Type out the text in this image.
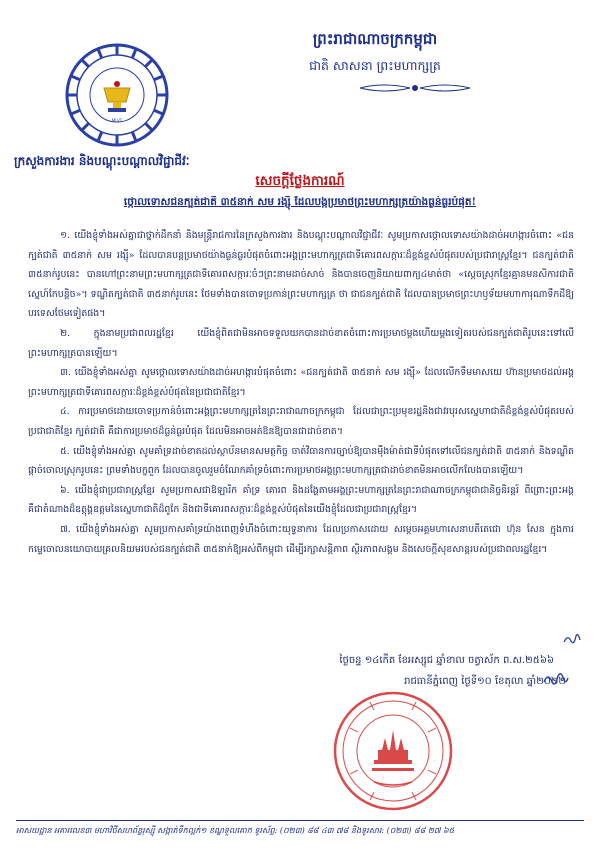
MLVT
ព្រះរាជាណាចក្រកម្ពុជា
ជាតិ សាសនា ព្រះមហាក្សត្រ
ក្រសួងការងារ និងបណ្តុះបណ្តាលវិជ្ជាជីវៈ
សេចក្តីថ្លែងការណ៍
ថ្កោលទោសជនក្បត់ជាតិ ៣៥នាក់ សម រង្ស៊ី ដែលបង្កប្រមាថព្រះមហាក្សត្រយ៉ាងធ្ងន់ធ្ងរបំផុត!

១. យើងខ្ញុំទាំងអស់គ្នាជាថ្នាក់ដឹកនាំ និងមន្ត្រីរាជការនៃក្រសួងការងារ និងបណ្តុះបណ្តាលវិជ្ជាជីវៈ សូមប្រកាសថ្កោលទោសយ៉ាងដាច់អហង្ការចំពោះ «ជនក្បត់ជាតិ ៣៥នាក់ សម រង្ស៊ី» ដែលបានបន្តប្រមាថយ៉ាងធ្ងន់ធ្ងរបំផុតចំពោះអង្គព្រះមហាក្សត្រជាទីគោរពសក្ការៈដ៏ខ្ពង់ខ្ពស់បំផុតរបស់ប្រជារាស្ត្រខ្មែរ។ ជនក្បត់ជាតិ ៣៥នាក់រូបនេះ បានហៅព្រះនាមព្រះមហាក្សត្រជាទីគោរពសក្ការៈចំៗព្រះនាមដាច់សាច់ និងបានចេញនិយាយពាក្យ៤មាត់ថា «ស្ដេចស្រុកខ្មែរគ្មានមនសិការជាតិស្នេហ៍កែបន្តិច»។ ទណ្ឌិតក្បត់ជាតិ ៣៥នាក់រូបនេះ ថែមទាំងបានចោទប្រកាន់ព្រះមហាក្សត្រ ថា ជាជនក្បត់ជាតិ ដែលបានប្រមាថព្រះហឫទ័យមហាការុណាទឹកដីឱ្យបរទេសថែមទៀតផង។

២. ក្នុងនាមប្រជាពលរដ្ឋខ្មែរ យើងខ្ញុំពិតជាមិនអាចទទួលយកបានដាច់ខាតចំពោះការប្រមាថម្ដងហើយម្ដងទៀតរបស់ជនក្បត់ជាតិរូបនេះទៅលើព្រះមហាក្សត្របានឡើយ។

៣. យើងខ្ញុំទាំងអស់គ្នា សូមថ្កោលទោសយ៉ាងដាច់អហង្ការបំផុតចំពោះ «ជនក្បត់ជាតិ ៣៥នាក់ សម រង្ស៊ី» ដែលលើកទឹមមាសយេ ហ៊ានប្រមាថដល់អង្គព្រះមហាក្សត្រជាទីគោរពសក្ការៈដ៏ខ្ពង់ខ្ពស់បំផុតនៃប្រជាជាតិខ្មែរ។

៤. ការប្រមាថដោយចោទប្រកាន់ចំពោះអង្គព្រះមហាក្សត្រនៃព្រះរាជាណាចក្រកម្ពុជា ដែលជាព្រះប្រមុខរដ្ឋនិងជាវរបុរសស្នេហាជាតិដ៏ខ្ពង់ខ្ពស់បំផុតរបស់ប្រជាជាតិខ្មែរ ក្បត់ជាតិ គឺជាការប្រមាថដ៏ធ្ងន់ធ្ងរបំផុត ដែលមិនអាចអត់ឱនឱ្យបានជាដាច់ខាត។

៥. យើងខ្ញុំទាំងអស់គ្នា សូមគាំទ្រដាច់ខាតដល់ស្ថាប័នមានសមត្ថកិច្ច ចាត់វិធានការច្បាប់ឱ្យបានម៉ឺងម៉ាត់ជាទីបំផុតទៅលើជនក្បត់ជាតិ ៣៥នាក់ និងទណ្ឌិតផ្ដាច់ចោលស្រុករូបនេះ ព្រមទាំងបក្ខពួក ដែលបានចូលរួមចំណែកគាំទ្រចំពោះការប្រមាថអង្គព្រះមហាក្សត្រជាដាច់ខាតមិនអាចលើកលែងបានឡើយ។

៦. យើងខ្ញុំជាប្រជារាស្ត្រខ្មែរ សូមប្រកាសជាឱឡារិក គាំទ្រ គោរព និងដង្ហែតាមអង្គព្រះមហាក្សត្រនៃព្រះរាជាណាចក្រកម្ពុជាជានិច្ចនិរន្តរ៍ ពីព្រោះព្រះអង្គគឺជាតំណាងដ៏ឧត្តុង្គឧត្ដមនៃស្នេហាជាតិដ៏ពូកែ និងជាទីគោរពសក្ការៈដ៏ខ្ពង់ខ្ពស់បំផុតនៃយើងខ្ញុំដែលជាប្រជារាស្ត្រខ្មែរ។

៧. យើងខ្ញុំទាំងអស់គ្នា សូមប្រកាសគាំទ្រយ៉ាងពេញទំហឹងចំពោះយុទ្ធនាការ ដែលប្រកាសដោយ សម្ដេចអគ្គមហាសេនាបតីតេជោ ហ៊ុន សែន ក្នុងការកម្ទេចោលនយោបាយគ្រលនិយមរបស់ជនក្បត់ជាតិ ៣៥នាក់ឱ្យអស់ពីកម្ពុជា ដើម្បីរក្សាសន្តិភាព ស្ថិរភាពសង្គម និងសេចក្តីសុខសាន្តរបស់ប្រជាពលរដ្ឋខ្មែរ។

ថ្ងៃចន្ទ ១៤កើត ខែអស្សុជ ឆ្នាំខាល ចត្វាស័ក ព.ស.២៥៦៦
រាជធានីភ្នំពេញ ថ្ងៃទី១០ ខែតុលា ឆ្នាំ២០២២
អាសយដ្ឋាន អគារលេខ៣ មហាវិថីសហព័ន្ធរុស្ស៊ី សង្កាត់ទឹកល្អក់១ ខណ្ឌទួលគោក ទូរស័ព្ទ: (០២៣) ៨៨ ៤៣ ៧៨ និងទូរសារ: (០២៣) ៨៨ ២៧ ៦៥
